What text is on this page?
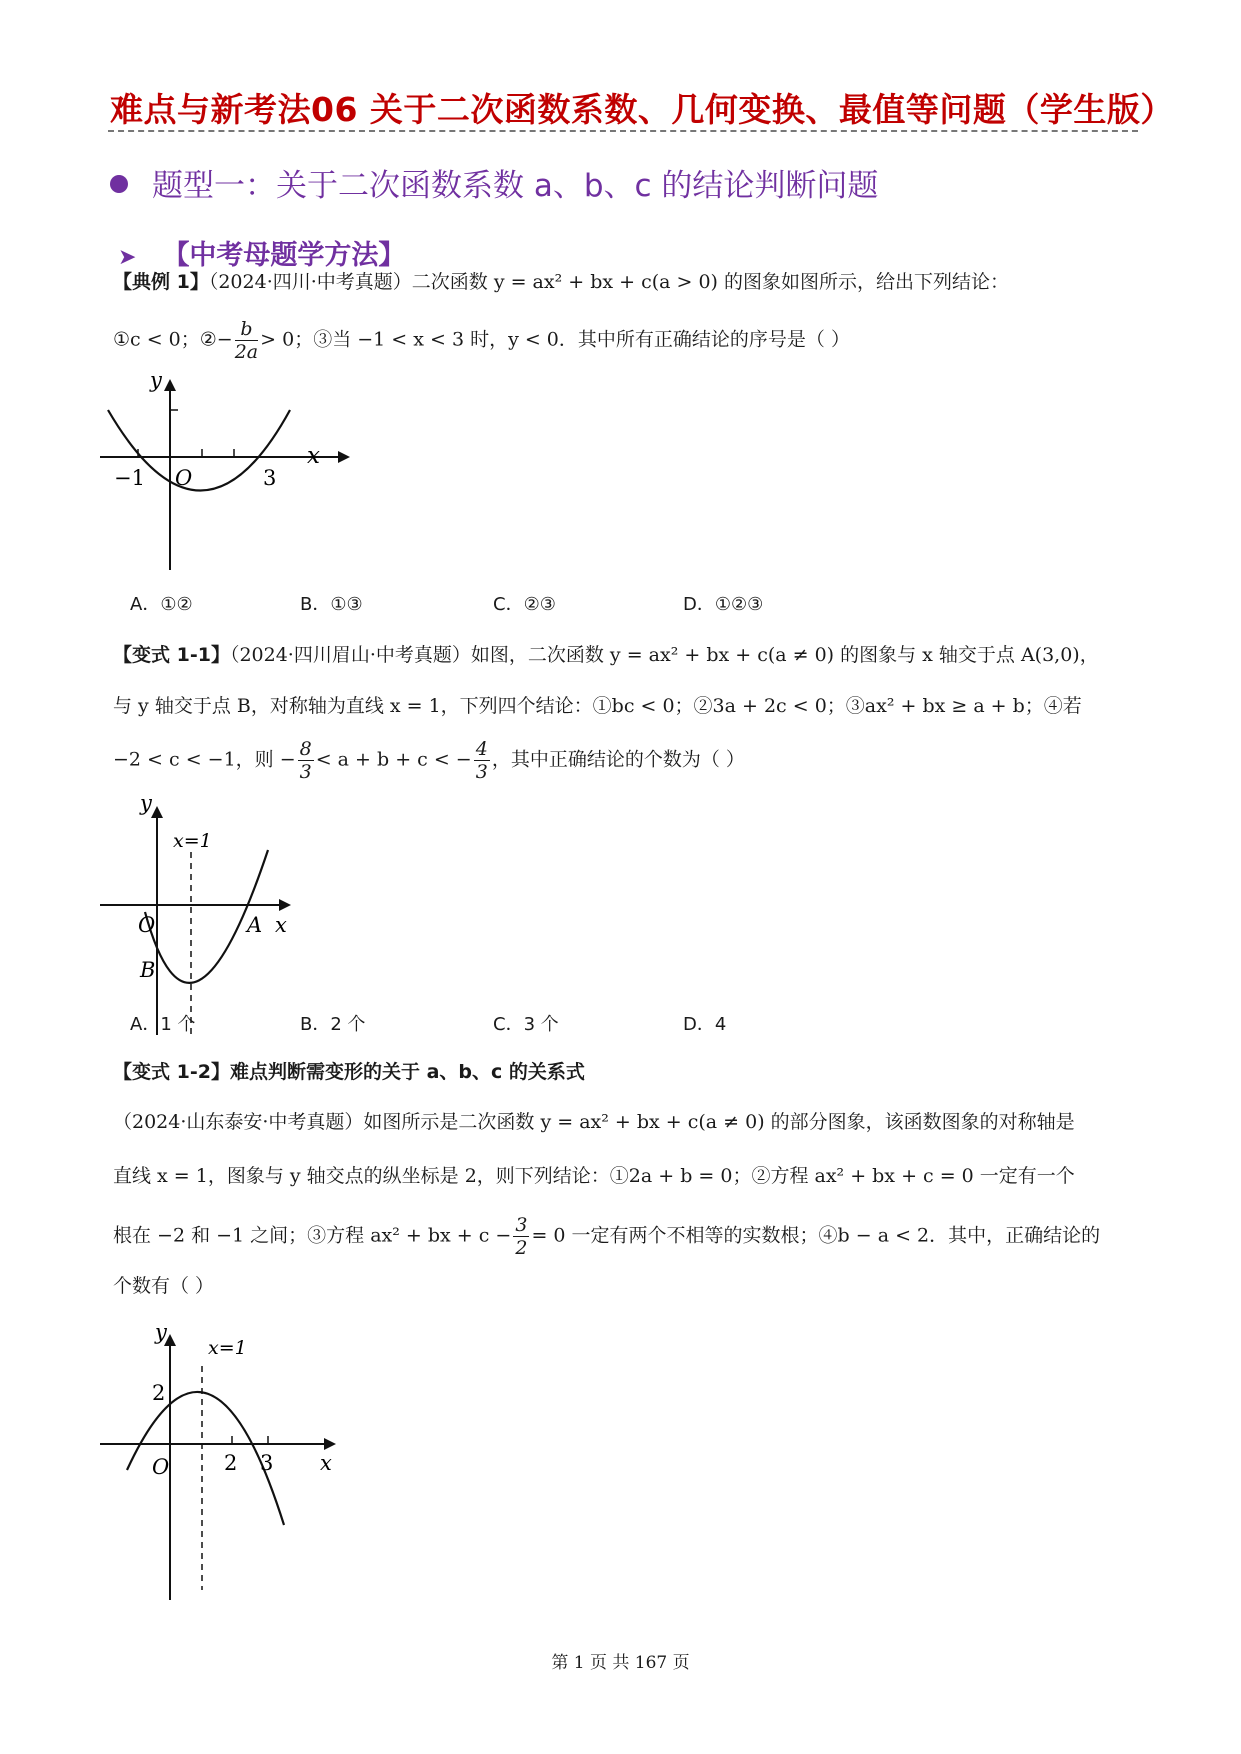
难点与新考法06 关于二次函数系数、几何变换、最值等问题（学生版）
题型一：关于二次函数系数 a、b、c 的结论判断问题
➤ 【中考母题学方法】
【典例 1】（2024·四川·中考真题）二次函数 y = ax² + bx + c(a > 0) 的图象如图所示，给出下列结论：
①c < 0；②− $\frac{b}{2a} > 0$；③当 −1 < x < 3 时，y < 0．其中所有正确结论的序号是（ ）
y
x
O
−1	3
A．①②	B．①③	C．②③	D．①②③
【变式 1-1】（2024·四川眉山·中考真题）如图，二次函数 y = ax² + bx + c(a ≠ 0) 的图象与 x 轴交于点 A(3,0)，
与 y 轴交于点 B，对称轴为直线 x = 1，下列四个结论：①bc < 0；②3a + 2c < 0；③ax² + bx ≥ a + b；④若
−2 < c < −1，则 − $\frac{8}{3} < a + b + c$ < − $\frac{4}{3}$ ，其中正确结论的个数为（ ）
y
x
O
x=1
A
B
A．1 个	B．2 个	C．3 个	D．4
【变式 1-2】难点判断需变形的关于 a、b、c 的关系式
（2024·山东泰安·中考真题）如图所示是二次函数 y = ax² + bx + c(a ≠ 0) 的部分图象，该函数图象的对称轴是
直线 x = 1，图象与 y 轴交点的纵坐标是 2，则下列结论：①2a + b = 0；②方程 ax² + bx + c = 0 一定有一个
根在 −2 和 −1 之间；③方程 ax² + bx + $c - \frac{3}{2} = 0$ 一定有两个不相等的实数根；④b − a < 2．其中，正确结论的
个数有（ ）
y
x
O
2
2 3
x=1
第 1 页 共 167 页
